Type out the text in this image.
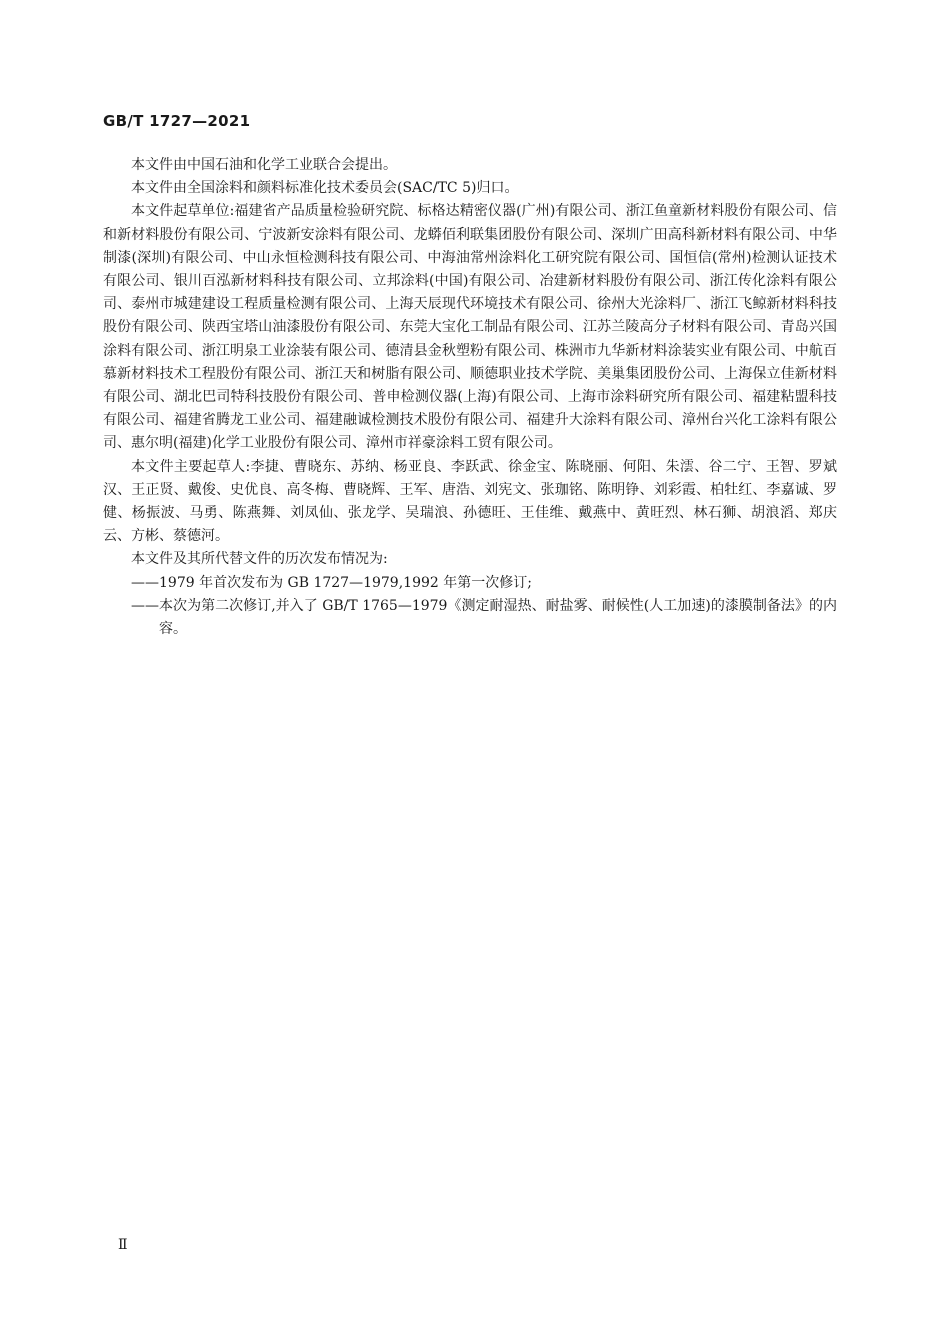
GB/T 1727—2021

本文件由中国石油和化学工业联合会提出。

本文件由全国涂料和颜料标准化技术委员会(SAC/TC 5)归口。

本文件起草单位:福建省产品质量检验研究院、标格达精密仪器(广州)有限公司、浙江鱼童新材料股份有限公司、信和新材料股份有限公司、宁波新安涂料有限公司、龙蟒佰利联集团股份有限公司、深圳广田高科新材料有限公司、中华制漆(深圳)有限公司、中山永恒检测科技有限公司、中海油常州涂料化工研究院有限公司、国恒信(常州)检测认证技术有限公司、银川百泓新材料科技有限公司、立邦涂料(中国)有限公司、冶建新材料股份有限公司、浙江传化涂料有限公司、泰州市城建建设工程质量检测有限公司、上海天辰现代环境技术有限公司、徐州大光涂料厂、浙江飞鲸新材料科技股份有限公司、陕西宝塔山油漆股份有限公司、东莞大宝化工制品有限公司、江苏兰陵高分子材料有限公司、青岛兴国涂料有限公司、浙江明泉工业涂装有限公司、德清县金秋塑粉有限公司、株洲市九华新材料涂装实业有限公司、中航百慕新材料技术工程股份有限公司、浙江天和树脂有限公司、顺德职业技术学院、美巢集团股份公司、上海保立佳新材料有限公司、湖北巴司特科技股份有限公司、普申检测仪器(上海)有限公司、上海市涂料研究所有限公司、福建粘盟科技有限公司、福建省腾龙工业公司、福建融诚检测技术股份有限公司、福建升大涂料有限公司、漳州台兴化工涂料有限公司、惠尔明(福建)化学工业股份有限公司、漳州市祥豪涂料工贸有限公司。

本文件主要起草人:李捷、曹晓东、苏纳、杨亚良、李跃武、徐金宝、陈晓丽、何阳、朱澐、谷二宁、王智、罗斌汉、王正贤、戴俊、史优良、高冬梅、曹晓辉、王军、唐浩、刘宪文、张珈铭、陈明铮、刘彩霞、柏牡红、李嘉诚、罗健、杨振波、马勇、陈燕舞、刘凤仙、张龙学、吴瑞浪、孙德旺、王佳维、戴燕中、黄旺烈、林石狮、胡浪滔、郑庆云、方彬、蔡德河。

本文件及其所代替文件的历次发布情况为:

——1979 年首次发布为 GB 1727—1979,1992 年第一次修订;

——本次为第二次修订,并入了 GB/T 1765—1979《测定耐湿热、耐盐雾、耐候性(人工加速)的漆膜制备法》的内容。

Ⅱ
